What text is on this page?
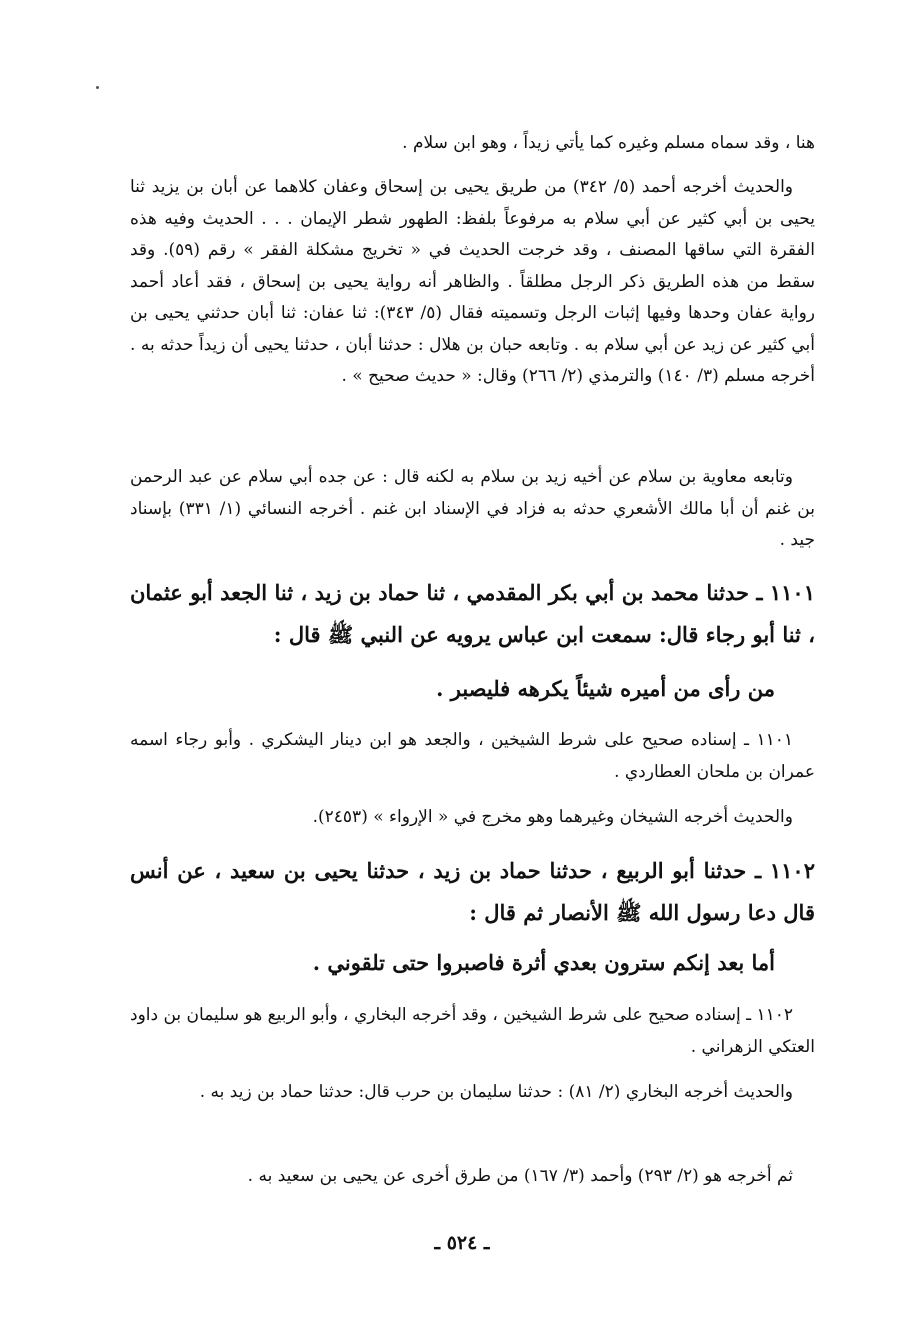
هنا ، وقد سماه مسلم وغيره كما يأتي زيداً ، وهو ابن سلام .

والحديث أخرجه أحمد (٥/ ٣٤٢) من طريق يحيى بن إسحاق وعفان كلاهما عن أبان بن يزيد ثنا يحيى بن أبي كثير عن أبي سلام به مرفوعاً بلفظ: الطهور شطر الإيمان . . . الحديث وفيه هذه الفقرة التي ساقها المصنف ، وقد خرجت الحديث في « تخريج مشكلة الفقر » رقم (٥٩). وقد سقط من هذه الطريق ذكر الرجل مطلقاً . والظاهر أنه رواية يحيى بن إسحاق ، فقد أعاد أحمد رواية عفان وحدها وفيها إثبات الرجل وتسميته فقال (٥/ ٣٤٣): ثنا عفان: ثنا أبان حدثني يحيى بن أبي كثير عن زيد عن أبي سلام به . وتابعه حبان بن هلال : حدثنا أبان ، حدثنا يحيى أن زيداً حدثه به . أخرجه مسلم (٣/ ١٤٠) والترمذي (٢/ ٢٦٦) وقال: « حديث صحيح » .

وتابعه معاوية بن سلام عن أخيه زيد بن سلام به لكنه قال : عن جده أبي سلام عن عبد الرحمن بن غنم أن أبا مالك الأشعري حدثه به فزاد في الإسناد ابن غنم . أخرجه النسائي (١/ ٣٣١) بإسناد جيد .

١١٠١ ـ حدثنا محمد بن أبي بكر المقدمي ، ثنا حماد بن زيد ، ثنا الجعد أبو عثمان ، ثنا أبو رجاء قال: سمعت ابن عباس يرويه عن النبي ﷺ قال :

من رأى من أميره شيئاً يكرهه فليصبر .

١١٠١ ـ إسناده صحيح على شرط الشيخين ، والجعد هو ابن دينار اليشكري . وأبو رجاء اسمه عمران بن ملحان العطاردي .

والحديث أخرجه الشيخان وغيرهما وهو مخرج في « الإرواء » (٢٤٥٣).

١١٠٢ ـ حدثنا أبو الربيع ، حدثنا حماد بن زيد ، حدثنا يحيى بن سعيد ، عن أنس قال دعا رسول الله ﷺ الأنصار ثم قال :

أما بعد إنكم سترون بعدي أثرة فاصبروا حتى تلقوني .

١١٠٢ ـ إسناده صحيح على شرط الشيخين ، وقد أخرجه البخاري ، وأبو الربيع هو سليمان بن داود العتكي الزهراني .

والحديث أخرجه البخاري (٢/ ٨١) : حدثنا سليمان بن حرب قال: حدثنا حماد بن زيد به .

ثم أخرجه هو (٢/ ٢٩٣) وأحمد (٣/ ١٦٧) من طرق أخرى عن يحيى بن سعيد به .

ـ ٥٢٤ ـ
